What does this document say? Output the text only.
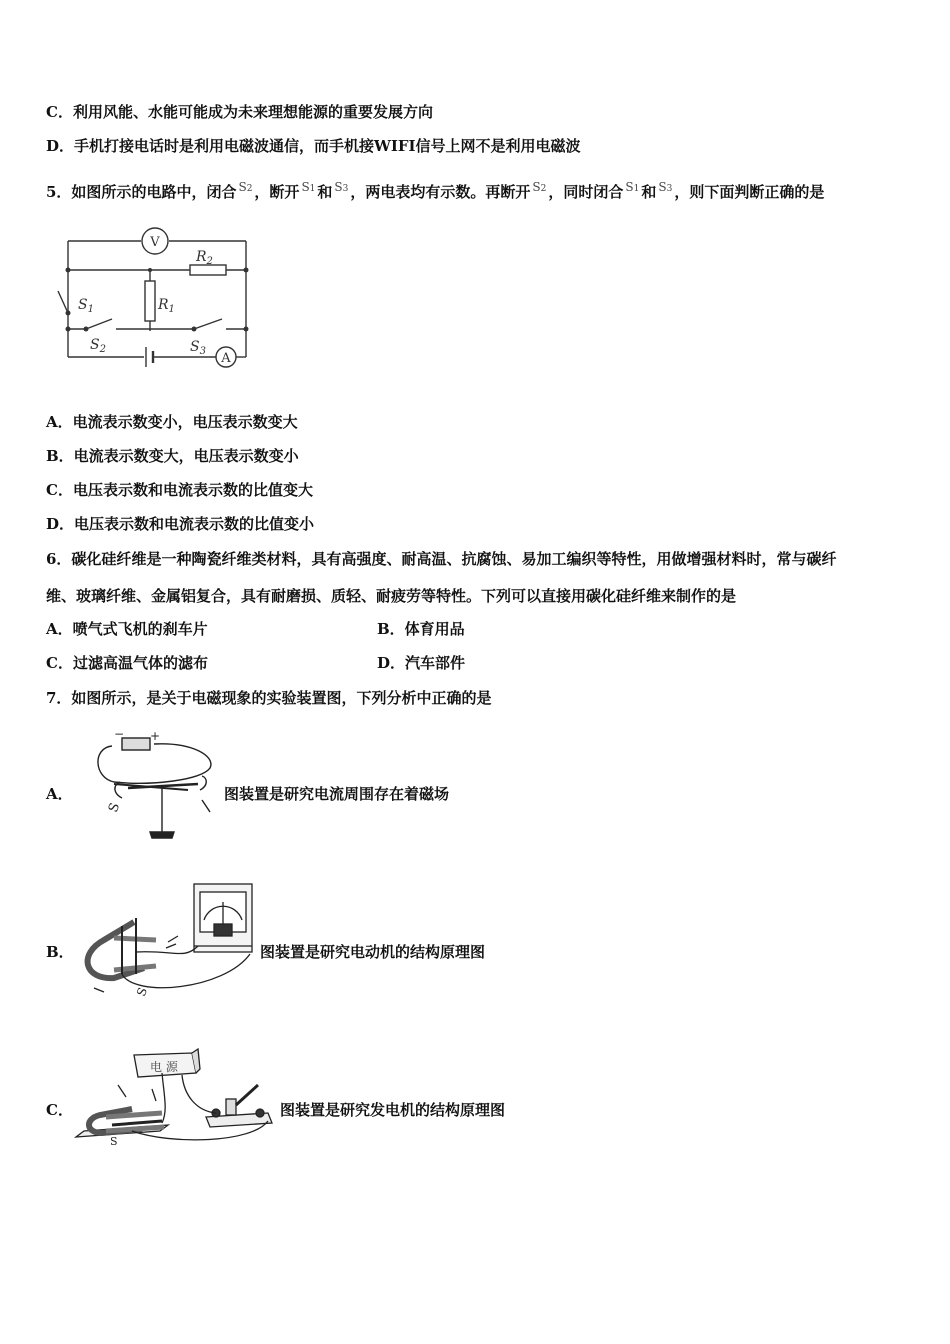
C．利用风能、水能可能成为未来理想能源的重要发展方向
D．手机打接电话时是利用电磁波通信，而手机接WIFI信号上网不是利用电磁波
5．如图所示的电路中，闭合 $^{S2}$ ，断开 $^{S1}$ 和 $^{S3}$ ，两电表均有示数。再断开 $^{S2}$ ，同时闭合 $^{S1}$ 和 $^{S3}$ ，则下面判断正确的是
V
A
$R_2$
$R_1$
$S_1$
$S_2$	$S_3$
A．电流表示数变小，电压表示数变大
B．电流表示数变大，电压表示数变小
C．电压表示数和电流表示数的比值变大
D．电压表示数和电流表示数的比值变小
6．碳化硅纤维是一种陶瓷纤维类材料，具有高强度、耐高温、抗腐蚀、易加工编织等特性，用做增强材料时，常与碳纤
维、玻璃纤维、金属铝复合，具有耐磨损、质轻、耐疲劳等特性。下列可以直接用碳化硅纤维来制作的是
A．喷气式飞机的刹车片	B．体育用品
C．过滤高温气体的滤布	D．汽车部件
7．如图所示，是关于电磁现象的实验装置图，下列分析中正确的是
A．
− +
S
图装置是研究电流周围存在着磁场
B．
S
图装置是研究电动机的结构原理图
C．
电 源
S
图装置是研究发电机的结构原理图
